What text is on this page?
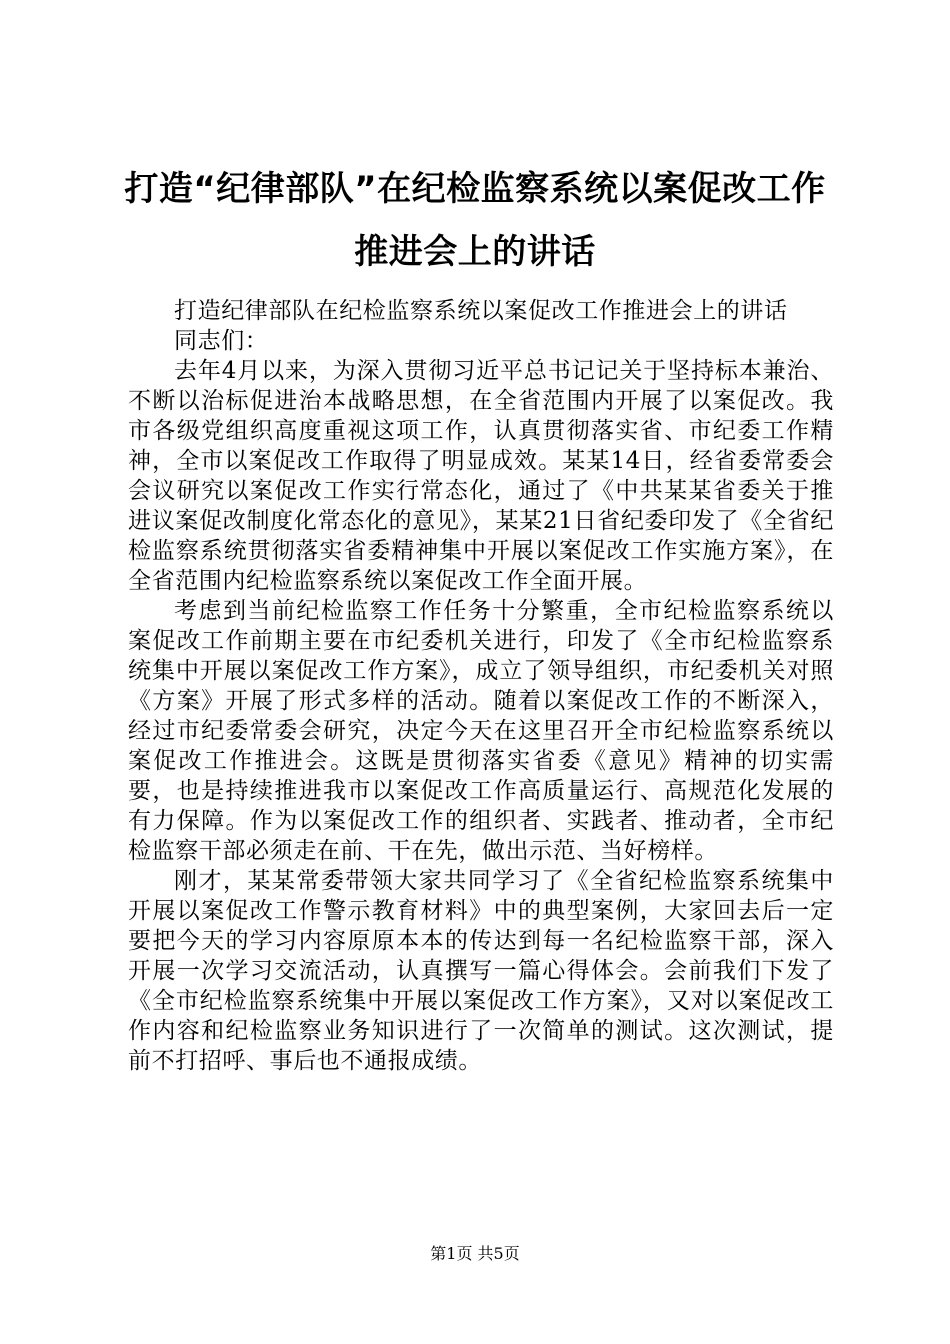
打造“纪律部队”在纪检监察系统以案促改工作推进会上的讲话

打造纪律部队在纪检监察系统以案促改工作推进会上的讲话

同志们：

去年4月以来，为深入贯彻习近平总书记记关于坚持标本兼治、不断以治标促进治本战略思想，在全省范围内开展了以案促改。我市各级党组织高度重视这项工作，认真贯彻落实省、市纪委工作精神，全市以案促改工作取得了明显成效。某某14日，经省委常委会会议研究以案促改工作实行常态化，通过了《中共某某省委关于推进议案促改制度化常态化的意见》，某某21日省纪委印发了《全省纪检监察系统贯彻落实省委精神集中开展以案促改工作实施方案》，在全省范围内纪检监察系统以案促改工作全面开展。

考虑到当前纪检监察工作任务十分繁重，全市纪检监察系统以案促改工作前期主要在市纪委机关进行，印发了《全市纪检监察系统集中开展以案促改工作方案》，成立了领导组织，市纪委机关对照《方案》开展了形式多样的活动。随着以案促改工作的不断深入，经过市纪委常委会研究，决定今天在这里召开全市纪检监察系统以案促改工作推进会。这既是贯彻落实省委《意见》精神的切实需要，也是持续推进我市以案促改工作高质量运行、高规范化发展的有力保障。作为以案促改工作的组织者、实践者、推动者，全市纪检监察干部必须走在前、干在先，做出示范、当好榜样。

刚才，某某常委带领大家共同学习了《全省纪检监察系统集中开展以案促改工作警示教育材料》中的典型案例，大家回去后一定要把今天的学习内容原原本本的传达到每一名纪检监察干部，深入开展一次学习交流活动，认真撰写一篇心得体会。会前我们下发了《全市纪检监察系统集中开展以案促改工作方案》，又对以案促改工作内容和纪检监察业务知识进行了一次简单的测试。这次测试，提前不打招呼、事后也不通报成绩。

第1页 共5页
